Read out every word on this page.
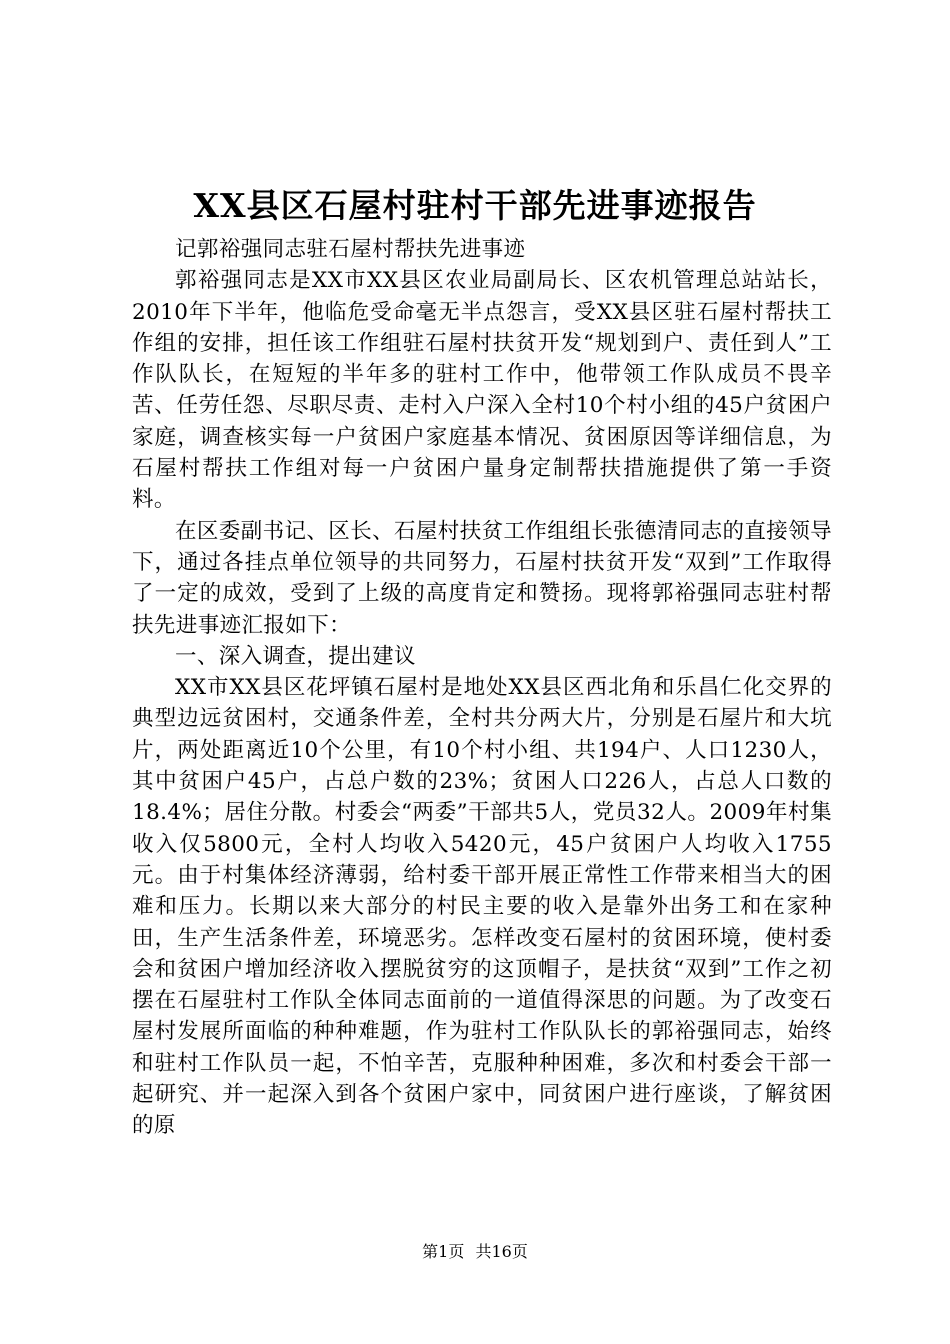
XX县区石屋村驻村干部先进事迹报告

记郭裕强同志驻石屋村帮扶先进事迹

郭裕强同志是XX市XX县区农业局副局长、区农机管理总站站长，2010年下半年，他临危受命毫无半点怨言，受XX县区驻石屋村帮扶工作组的安排，担任该工作组驻石屋村扶贫开发“规划到户、责任到人”工作队队长，在短短的半年多的驻村工作中，他带领工作队成员不畏辛苦、任劳任怨、尽职尽责、走村入户深入全村10个村小组的45户贫困户家庭，调查核实每一户贫困户家庭基本情况、贫困原因等详细信息，为石屋村帮扶工作组对每一户贫困户量身定制帮扶措施提供了第一手资料。

在区委副书记、区长、石屋村扶贫工作组组长张德清同志的直接领导下，通过各挂点单位领导的共同努力，石屋村扶贫开发“双到”工作取得了一定的成效，受到了上级的高度肯定和赞扬。现将郭裕强同志驻村帮扶先进事迹汇报如下：

一、深入调查，提出建议

XX市XX县区花坪镇石屋村是地处XX县区西北角和乐昌仁化交界的典型边远贫困村，交通条件差，全村共分两大片，分别是石屋片和大坑片，两处距离近10个公里，有10个村小组、共194户、人口1230人，其中贫困户45户，占总户数的23%；贫困人口226人，占总人口数的18.4%；居住分散。村委会“两委”干部共5人，党员32人。2009年村集收入仅5800元，全村人均收入5420元，45户贫困户人均收入1755元。由于村集体经济薄弱，给村委干部开展正常性工作带来相当大的困难和压力。长期以来大部分的村民主要的收入是靠外出务工和在家种田，生产生活条件差，环境恶劣。怎样改变石屋村的贫困环境，使村委会和贫困户增加经济收入摆脱贫穷的这顶帽子，是扶贫“双到”工作之初摆在石屋驻村工作队全体同志面前的一道值得深思的问题。为了改变石屋村发展所面临的种种难题，作为驻村工作队队长的郭裕强同志，始终和驻村工作队员一起，不怕辛苦，克服种种困难，多次和村委会干部一起研究、并一起深入到各个贫困户家中，同贫困户进行座谈，了解贫困的原

第1页 共16页
